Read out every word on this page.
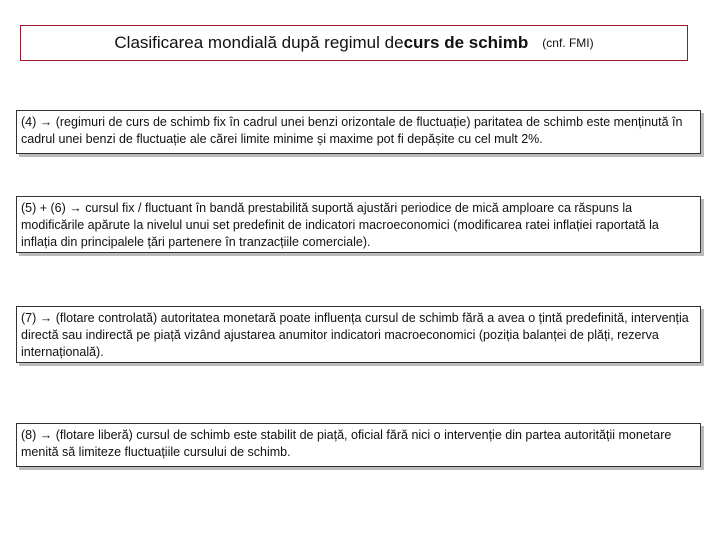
Clasificarea mondială după regimul de curs de schimb (cnf. FMI)
(4) → (regimuri de curs de schimb fix în cadrul unei benzi orizontale de fluctuație) paritatea de schimb este menținută în cadrul unei benzi de fluctuație ale cărei limite minime și maxime pot fi depășite cu cel mult 2%.
(5) + (6) → cursul fix / fluctuant în bandă prestabilită suportă ajustări periodice de mică amploare ca răspuns la modificările apărute la nivelul unui set predefinit de indicatori macroeconomici (modificarea ratei inflației raportată la inflația din principalele țări partenere în tranzacțiile comerciale).
(7) → (flotare controlată) autoritatea monetară poate influența cursul de schimb fără a avea o țintă predefinită, intervenția directă sau indirectă pe piață vizând ajustarea anumitor indicatori macroeconomici (poziția balanței de plăți, rezerva internațională).
(8) → (flotare liberă) cursul de schimb este stabilit de piață, oficial fără nici o intervenție din partea autorității monetare menită să limiteze fluctuațiile cursului de schimb.
